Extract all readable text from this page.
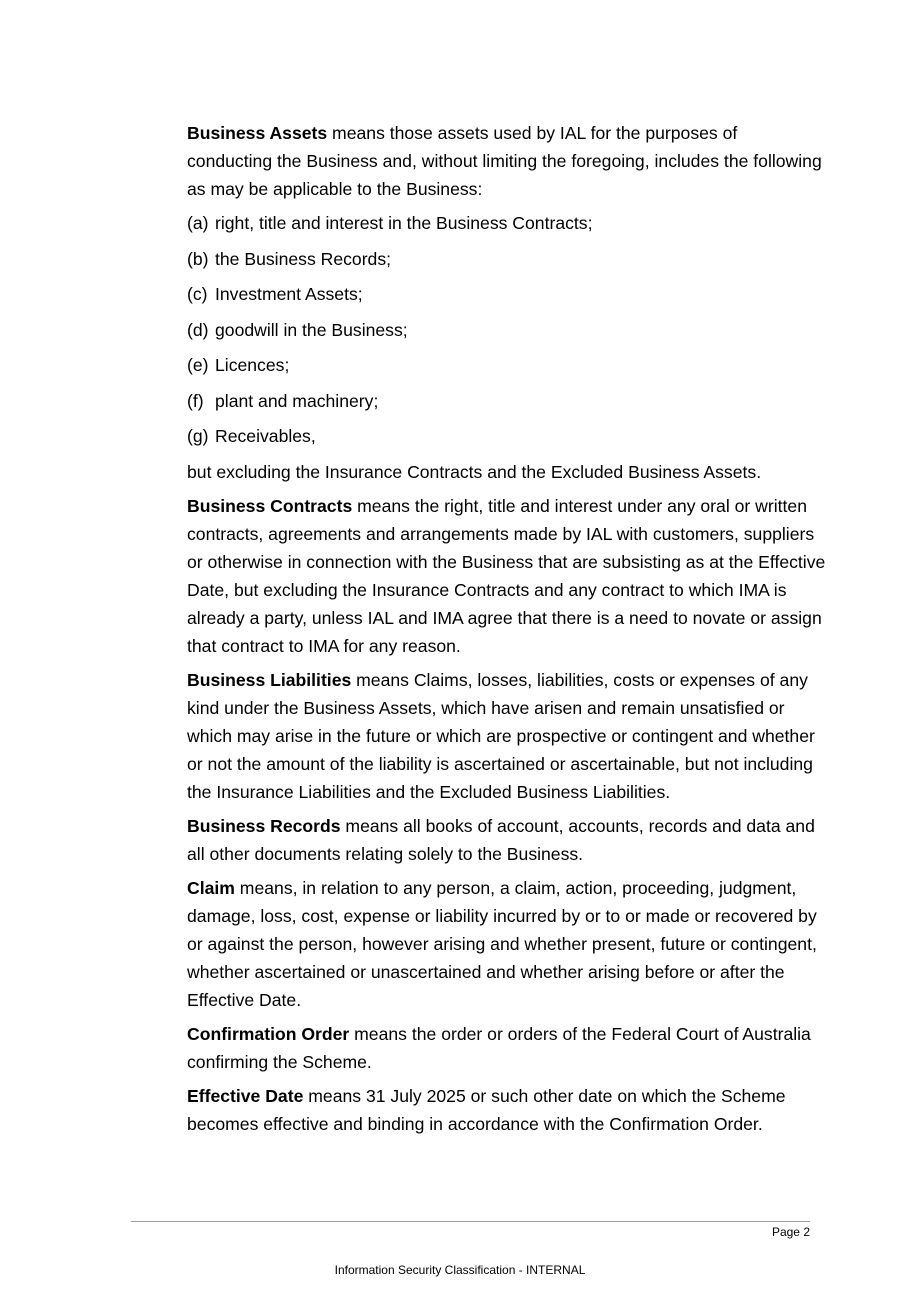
Business Assets means those assets used by IAL for the purposes of conducting the Business and, without limiting the foregoing, includes the following as may be applicable to the Business:

(a) right, title and interest in the Business Contracts;

(b) the Business Records;

(c) Investment Assets;

(d) goodwill in the Business;

(e) Licences;

(f) plant and machinery;

(g) Receivables,

but excluding the Insurance Contracts and the Excluded Business Assets.

Business Contracts means the right, title and interest under any oral or written contracts, agreements and arrangements made by IAL with customers, suppliers or otherwise in connection with the Business that are subsisting as at the Effective Date, but excluding the Insurance Contracts and any contract to which IMA is already a party, unless IAL and IMA agree that there is a need to novate or assign that contract to IMA for any reason.

Business Liabilities means Claims, losses, liabilities, costs or expenses of any kind under the Business Assets, which have arisen and remain unsatisfied or which may arise in the future or which are prospective or contingent and whether or not the amount of the liability is ascertained or ascertainable, but not including the Insurance Liabilities and the Excluded Business Liabilities.

Business Records means all books of account, accounts, records and data and all other documents relating solely to the Business.

Claim means, in relation to any person, a claim, action, proceeding, judgment, damage, loss, cost, expense or liability incurred by or to or made or recovered by or against the person, however arising and whether present, future or contingent, whether ascertained or unascertained and whether arising before or after the Effective Date.

Confirmation Order means the order or orders of the Federal Court of Australia confirming the Scheme.

Effective Date means 31 July 2025 or such other date on which the Scheme becomes effective and binding in accordance with the Confirmation Order.

Page 2
Information Security Classification - INTERNAL
